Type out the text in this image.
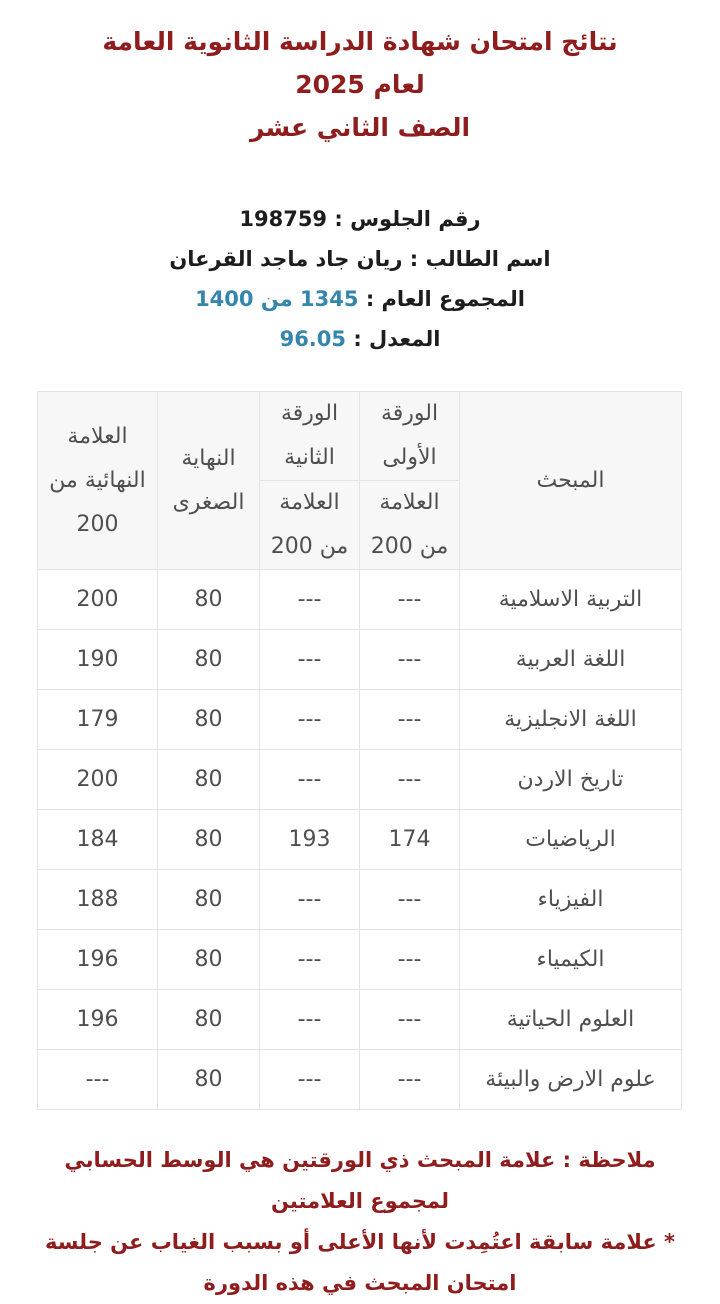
نتائج امتحان شهادة الدراسة الثانوية العامة
لعام 2025
الصف الثاني عشر
رقم الجلوس : 198759
اسم الطالب : ريان جاد ماجد القرعان
المجموع العام : 1345 من 1400
المعدل : 96.05
المبحث	الورقة الأولى	الورقة الثانية	النهاية الصغرى	العلامة النهائية من 200
	العلامة من 200	العلامة من 200		
التربية الاسلامية	---	---	80	200
اللغة العربية	---	---	80	190
اللغة الانجليزية	---	---	80	179
تاريخ الاردن	---	---	80	200
الرياضيات	174	193	80	184
الفيزياء	---	---	80	188
الكيمياء	---	---	80	196
العلوم الحياتية	---	---	80	196
علوم الارض والبيئة	---	---	80	---
ملاحظة : علامة المبحث ذي الورقتين هي الوسط الحسابي لمجموع العلامتين
* علامة سابقة اعتُمِدت لأنها الأعلى أو بسبب الغياب عن جلسة
امتحان المبحث في هذه الدورة
